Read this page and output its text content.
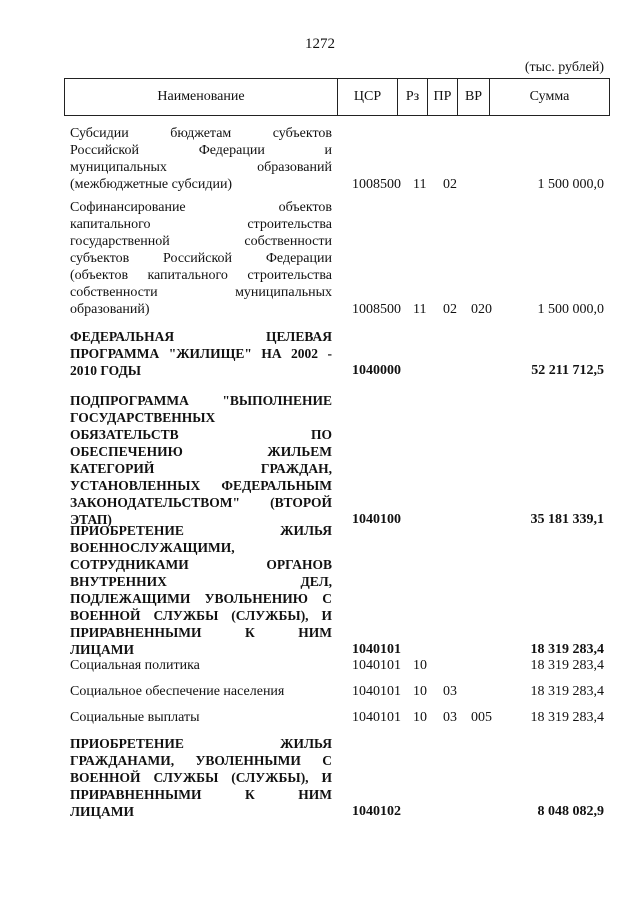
1272
(тыс. рублей)
Наименование	ЦСР	Рз	ПР ВР	Сумма
Субсидии бюджетам субъектов
Российской Федерации и
муниципальных образований
(межбюджетные субсидии)	1008500 11 02	1 500 000,0
Софинансирование объектов
капитального строительства
государственной собственности
субъектов Российской Федерации
(объектов капитального строительства
собственности муниципальных
образований)	1008500 11 02 020	1 500 000,0
ФЕДЕРАЛЬНАЯ ЦЕЛЕВАЯ
ПРОГРАММА "ЖИЛИЩЕ" НА 2002 -
2010 ГОДЫ	1040000	52 211 712,5
ПОДПРОГРАММА "ВЫПОЛНЕНИЕ
ГОСУДАРСТВЕННЫХ
ОБЯЗАТЕЛЬСТВ ПО
ОБЕСПЕЧЕНИЮ ЖИЛЬЕМ
КАТЕГОРИЙ ГРАЖДАН,
УСТАНОВЛЕННЫХ ФЕДЕРАЛЬНЫМ
ЗАКОНОДАТЕЛЬСТВОМ" (ВТОРОЙ
ЭТАП)	1040100	35 181 339,1
ПРИОБРЕТЕНИЕ ЖИЛЬЯ
ВОЕННОСЛУЖАЩИМИ,
СОТРУДНИКАМИ ОРГАНОВ
ВНУТРЕННИХ ДЕЛ,
ПОДЛЕЖАЩИМИ УВОЛЬНЕНИЮ С
ВОЕННОЙ СЛУЖБЫ (СЛУЖБЫ), И
ПРИРАВНЕННЫМИ К НИМ
ЛИЦАМИ	1040101	18 319 283,4
Социальная политика	1040101 10	18 319 283,4
Социальное обеспечение населения	1040101 10 03	18 319 283,4
Социальные выплаты	1040101 10 03 005	18 319 283,4
ПРИОБРЕТЕНИЕ ЖИЛЬЯ
ГРАЖДАНАМИ, УВОЛЕННЫМИ С
ВОЕННОЙ СЛУЖБЫ (СЛУЖБЫ), И
ПРИРАВНЕННЫМИ К НИМ
ЛИЦАМИ	1040102	8 048 082,9
